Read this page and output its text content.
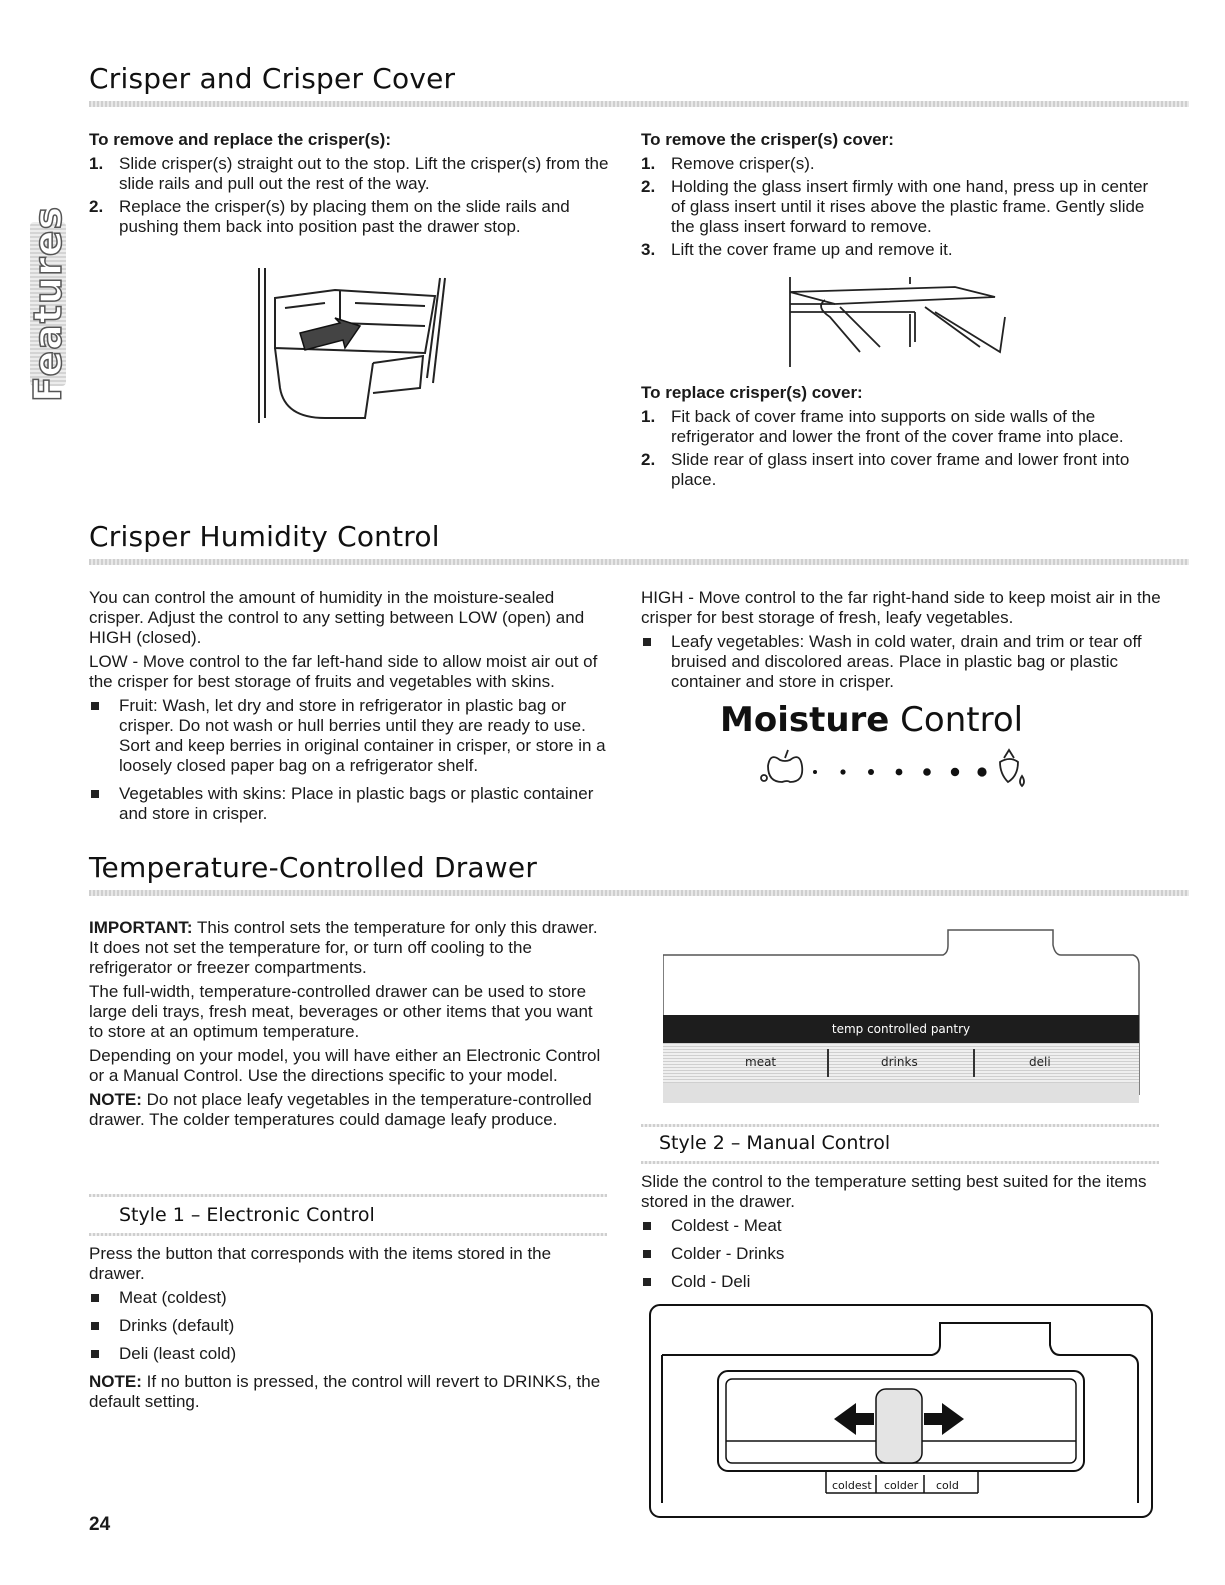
Crisper and Crisper Cover
Features

To remove and replace the crisper(s):

1. Slide crisper(s) straight out to the stop. Lift the crisper(s) from the slide rails and pull out the rest of the way.
2. Replace the crisper(s) by placing them on the slide rails and pushing them back into position past the drawer stop.

To remove the crisper(s) cover:

1. Remove crisper(s).
2. Holding the glass insert firmly with one hand, press up in center of glass insert until it rises above the plastic frame. Gently slide the glass insert forward to remove.
3. Lift the cover frame up and remove it.

To replace crisper(s) cover:

1. Fit back of cover frame into supports on side walls of the refrigerator and lower the front of the cover frame into place.
2. Slide rear of glass insert into cover frame and lower front into place.
Crisper Humidity Control

You can control the amount of humidity in the moisture-sealed crisper. Adjust the control to any setting between LOW (open) and HIGH (closed).

LOW - Move control to the far left-hand side to allow moist air out of the crisper for best storage of fruits and vegetables with skins.

Fruit: Wash, let dry and store in refrigerator in plastic bag or crisper. Do not wash or hull berries until they are ready to use. Sort and keep berries in original container in crisper, or store in a loosely closed paper bag on a refrigerator shelf.
Vegetables with skins: Place in plastic bags or plastic container and store in crisper.

HIGH - Move control to the far right-hand side to keep moist air in the crisper for best storage of fresh, leafy vegetables.

Leafy vegetables: Wash in cold water, drain and trim or tear off bruised and discolored areas. Place in plastic bag or plastic container and store in crisper.
Moisture Control
Temperature-Controlled Drawer

IMPORTANT: This control sets the temperature for only this drawer. It does not set the temperature for, or turn off cooling to the refrigerator or freezer compartments.

The full-width, temperature-controlled drawer can be used to store large deli trays, fresh meat, beverages or other items that you want to store at an optimum temperature.

Depending on your model, you will have either an Electronic Control or a Manual Control. Use the directions specific to your model.

NOTE: Do not place leafy vegetables in the temperature-controlled drawer. The colder temperatures could damage leafy produce.

Style 1 – Electronic Control

Press the button that corresponds with the items stored in the drawer.

Meat (coldest)
Drinks (default)
Deli (least cold)

NOTE: If no button is pressed, the control will revert to DRINKS, the default setting.

temp controlled pantry
meat	drinks	deli
Style 2 – Manual Control

Slide the control to the temperature setting best suited for the items stored in the drawer.

Coldest - Meat
Colder - Drinks
Cold - Deli
coldest colder cold
24
